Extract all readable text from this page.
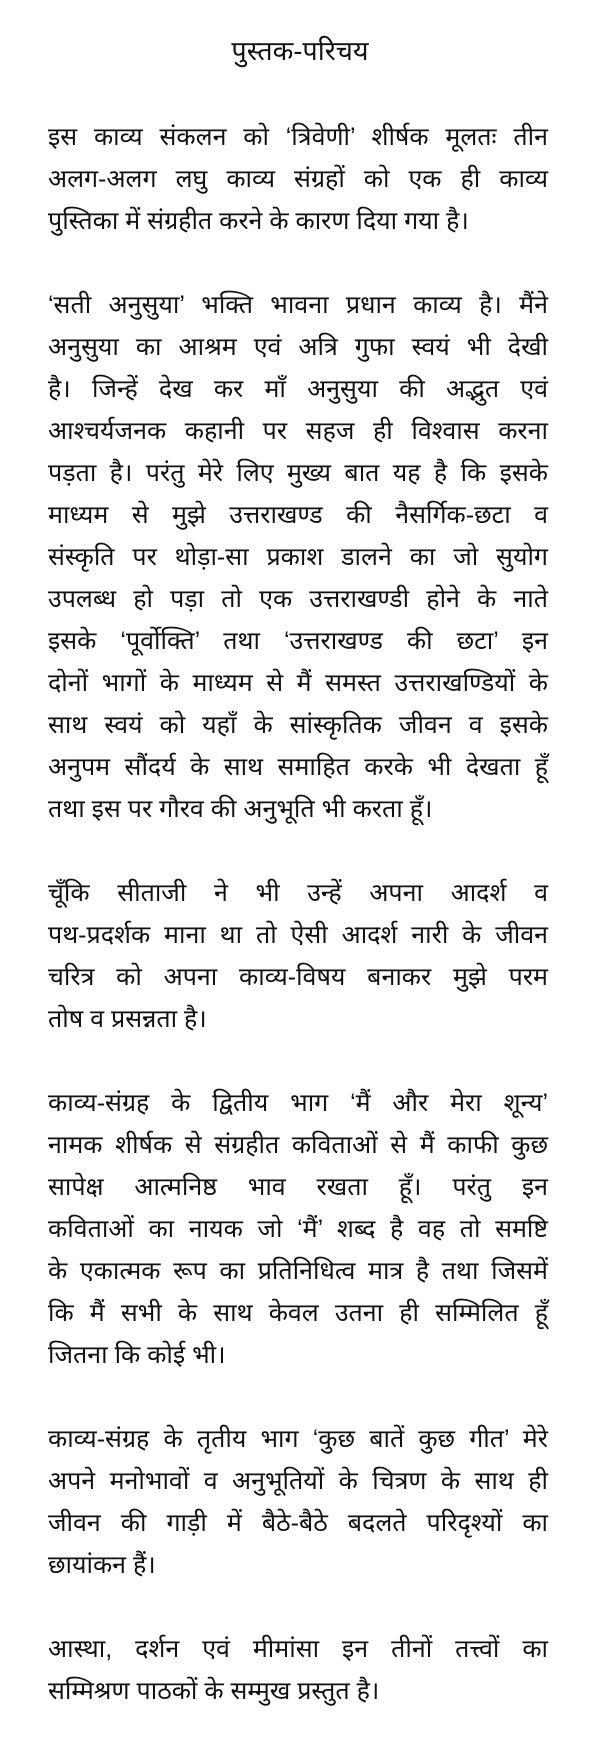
पुस्तक-परिचय
इस काव्य संकलन को ‘त्रिवेणी’ शीर्षक मूलतः तीन
अलग-अलग लघु काव्य संग्रहों को एक ही काव्य
पुस्तिका में संग्रहीत करने के कारण दिया गया है।
‘सती अनुसुया’ भक्ति भावना प्रधान काव्य है। मैंने
अनुसुया का आश्रम एवं अत्रि गुफा स्वयं भी देखी
है। जिन्हें देख कर माँ अनुसुया की अद्भुत एवं
आश्चर्यजनक कहानी पर सहज ही विश्वास करना
पड़ता है। परंतु मेरे लिए मुख्य बात यह है कि इसके
माध्यम से मुझे उत्तराखण्ड की नैसर्गिक-छटा व
संस्कृति पर थोड़ा-सा प्रकाश डालने का जो सुयोग
उपलब्ध हो पड़ा तो एक उत्तराखण्डी होने के नाते
इसके ‘पूर्वोक्ति’ तथा ‘उत्तराखण्ड की छटा’ इन
दोनों भागों के माध्यम से मैं समस्त उत्तराखण्डियों के
साथ स्वयं को यहाँ के सांस्कृतिक जीवन व इसके
अनुपम सौंदर्य के साथ समाहित करके भी देखता हूँ
तथा इस पर गौरव की अनुभूति भी करता हूँ।
चूँकि सीताजी ने भी उन्हें अपना आदर्श व
पथ-प्रदर्शक माना था तो ऐसी आदर्श नारी के जीवन
चरित्र को अपना काव्य-विषय बनाकर मुझे परम
तोष व प्रसन्नता है।
काव्य-संग्रह के द्वितीय भाग ‘मैं और मेरा शून्य’
नामक शीर्षक से संग्रहीत कविताओं से मैं काफी कुछ
सापेक्ष आत्मनिष्ठ भाव रखता हूँ। परंतु इन
कविताओं का नायक जो ‘मैं’ शब्द है वह तो समष्टि
के एकात्मक रूप का प्रतिनिधित्व मात्र है तथा जिसमें
कि मैं सभी के साथ केवल उतना ही सम्मिलित हूँ
जितना कि कोई भी।
काव्य-संग्रह के तृतीय भाग ‘कुछ बातें कुछ गीत’ मेरे
अपने मनोभावों व अनुभूतियों के चित्रण के साथ ही
जीवन की गाड़ी में बैठे-बैठे बदलते परिदृश्यों का
छायांकन हैं।
आस्था, दर्शन एवं मीमांसा इन तीनों तत्त्वों का
सम्मिश्रण पाठकों के सम्मुख प्रस्तुत है।
